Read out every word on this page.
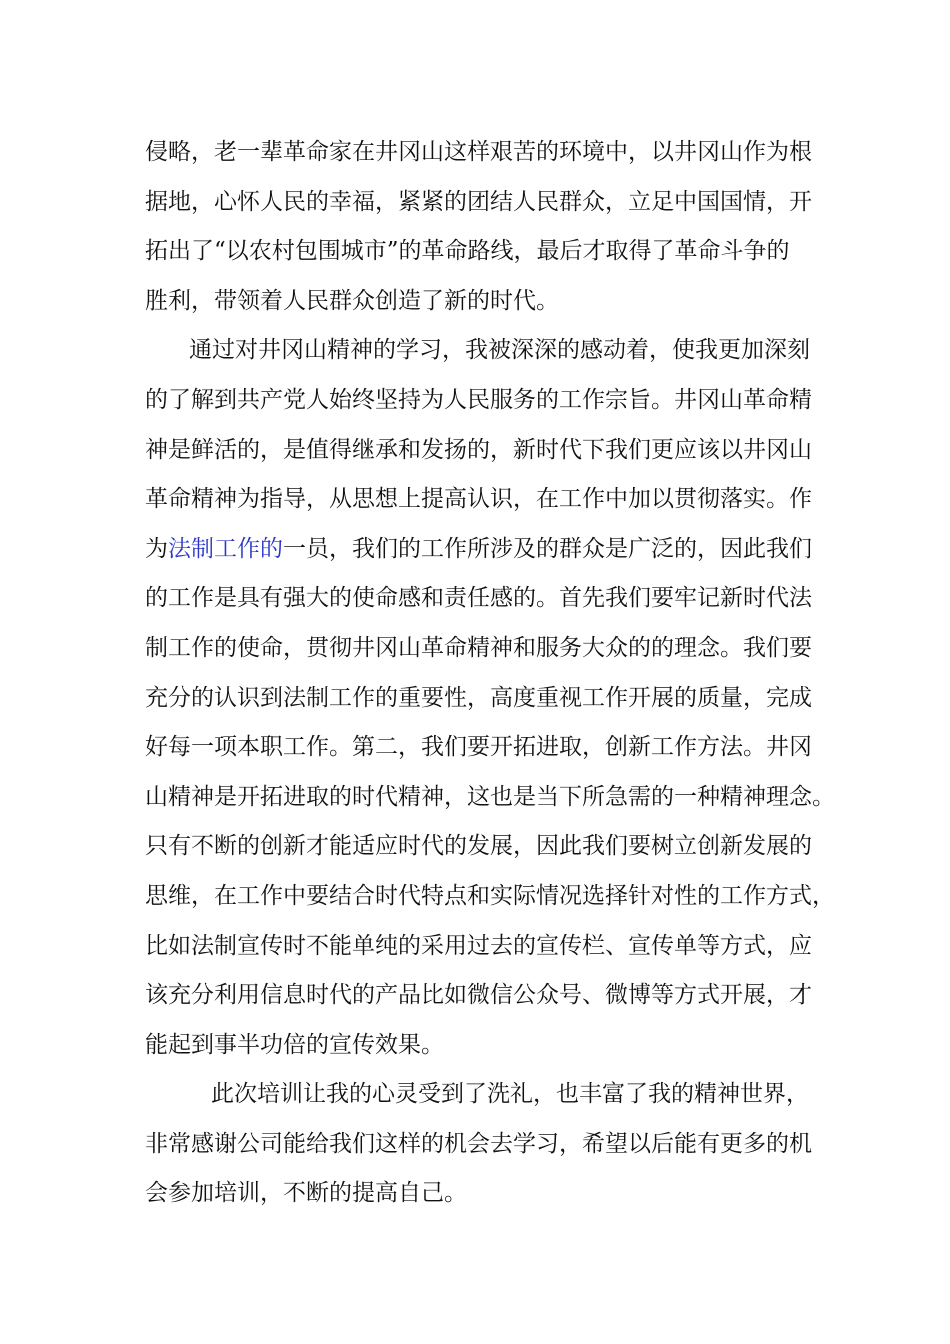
侵略，老一辈革命家在井冈山这样艰苦的环境中，以井冈山作为根
据地，心怀人民的幸福，紧紧的团结人民群众，立足中国国情，开
拓出了“以农村包围城市”的革命路线，最后才取得了革命斗争的
胜利，带领着人民群众创造了新的时代。
通过对井冈山精神的学习，我被深深的感动着，使我更加深刻
的了解到共产党人始终坚持为人民服务的工作宗旨。井冈山革命精
神是鲜活的，是值得继承和发扬的，新时代下我们更应该以井冈山
革命精神为指导，从思想上提高认识，在工作中加以贯彻落实。作
为法制工作的一员，我们的工作所涉及的群众是广泛的，因此我们
的工作是具有强大的使命感和责任感的。首先我们要牢记新时代法
制工作的使命，贯彻井冈山革命精神和服务大众的的理念。我们要
充分的认识到法制工作的重要性，高度重视工作开展的质量，完成
好每一项本职工作。第二，我们要开拓进取，创新工作方法。井冈
山精神是开拓进取的时代精神，这也是当下所急需的一种精神理念。
只有不断的创新才能适应时代的发展，因此我们要树立创新发展的
思维，在工作中要结合时代特点和实际情况选择针对性的工作方式，
比如法制宣传时不能单纯的采用过去的宣传栏、宣传单等方式，应
该充分利用信息时代的产品比如微信公众号、微博等方式开展，才
能起到事半功倍的宣传效果。
此次培训让我的心灵受到了洗礼，也丰富了我的精神世界，
非常感谢公司能给我们这样的机会去学习，希望以后能有更多的机
会参加培训，不断的提高自己。
